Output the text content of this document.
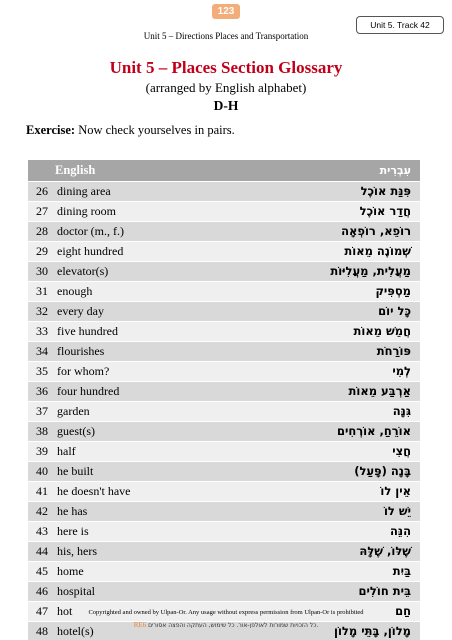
123
Unit 5 – Directions Places and Transportation
Unit 5. Track 42
Unit 5 – Places Section Glossary
(arranged by English alphabet)
D-H
Exercise: Now check yourselves in pairs.
English		עִבְרִית
26	dining area	פִּנַּת אוֹכֶל
27	dining room	חֲדַר אוֹכֶל
28	doctor (m., f.)	רוֹפֵא, רוֹפְאָה
29	eight hundred	שְׁמוֹנֶה מֵאוֹת
30	elevator(s)	מַעֲלִית, מַעֲלִיּוֹת
31	enough	מַסְפִּיק
32	every day	כָּל יוֹם
33	five hundred	חֲמֵשׁ מֵאוֹת
34	flourishes	פּוֹרַחֺת
35	for whom?	לְמִי
36	four hundred	אַרְבַּע מֵאוֹת
37	garden	גִּנָּה
38	guest(s)	אוֹרֵחַ, אוֹרְחִים
39	half	חֲצִי
40	he built	בָּנָה (פָּעַל)
41	he doesn't have	אֵין לוֹ
42	he has	יֵשׁ לוֹ
43	here is	הִנֵּה
44	his, hers	שֶׁלּוֹ, שֶׁלָּהּ
45	home	בַּיִת
46	hospital	בֵּית חוֹלִים
47	hot	חַם
48	hotel(s)	מָלוֹן, בָּתֵּי מָלוֹן
Copyrighted and owned by Ulpan-Or. Any usage without express permission from Ulpan-Or is prohibited
RE6 כל הזכויות שמורות לאולפן-אור. כל שימוש, העתקה והפצה אסורים.
